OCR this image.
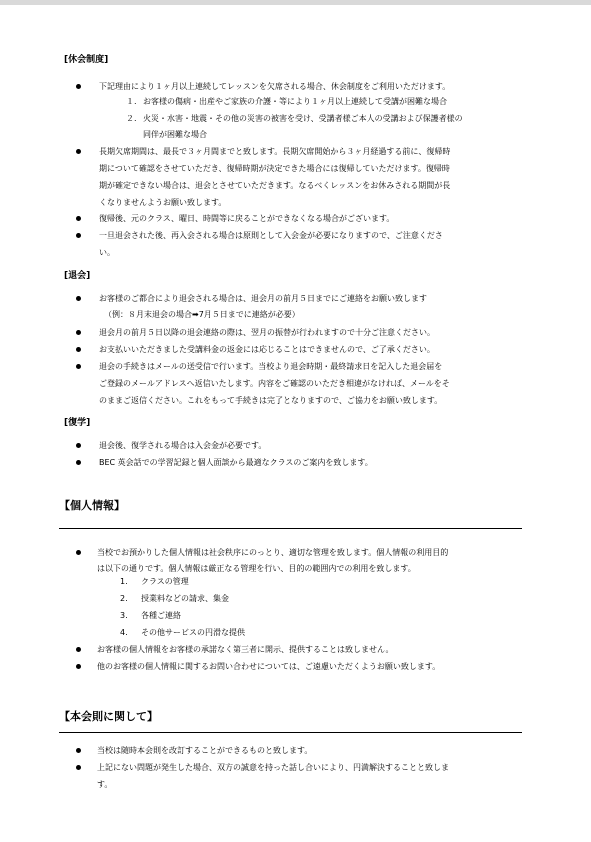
[休会制度]
下記理由により１ヶ月以上連続してレッスンを欠席される場合、休会制度をご利用いただけます。
１. お客様の傷病・出産やご家族の介護・等により１ヶ月以上連続して受講が困難な場合
２. 火災・水害・地震・その他の災害の被害を受け、受講者様ご本人の受講および保護者様の
同伴が困難な場合
長期欠席期間は、最長で３ヶ月間までと致します。長期欠席開始から３ヶ月経過する前に、復帰時
期について確認をさせていただき、復帰時期が決定できた場合には復帰していただけます。復帰時
期が確定できない場合は、退会とさせていただきます。なるべくレッスンをお休みされる期間が長
くなりませんようお願い致します。
復帰後、元のクラス、曜日、時間等に戻ることができなくなる場合がございます。
一旦退会された後、再入会される場合は原則として入会金が必要になりますので、ご注意くださ
い。
[退会]
お客様のご都合により退会される場合は、退会月の前月５日までにご連絡をお願い致します
（例：８月末退会の場合➡7月５日までに連絡が必要）
退会月の前月５日以降の退会連絡の際は、翌月の振替が行われますので十分ご注意ください。
お支払いいただきました受講料金の返金には応じることはできませんので、ご了承ください。
退会の手続きはメールの送受信で行います。当校より退会時期・最終請求日を記入した退会届を
ご登録のメールアドレスへ返信いたします。内容をご確認のいただき相違がなければ、メールをそ
のままご返信ください。これをもって手続きは完了となりますので、ご協力をお願い致します。
[復学]
退会後、復学される場合は入会金が必要です。
BEC 英会話での学習記録と個人面談から最適なクラスのご案内を致します。
【個人情報】
当校でお預かりした個人情報は社会秩序にのっとり、適切な管理を致します。個人情報の利用目的
は以下の通りです。個人情報は厳正なる管理を行い、目的の範囲内での利用を致します。
1. クラスの管理
2. 授業料などの請求、集金
3. 各種ご連絡
4. その他サービスの円滑な提供
お客様の個人情報をお客様の承諾なく第三者に開示、提供することは致しません。
他のお客様の個人情報に関するお問い合わせについては、ご遠慮いただくようお願い致します。
【本会則に関して】
当校は随時本会則を改訂することができるものと致します。
上記にない問題が発生した場合、双方の誠意を持った話し合いにより、円満解決することと致しま
す。
